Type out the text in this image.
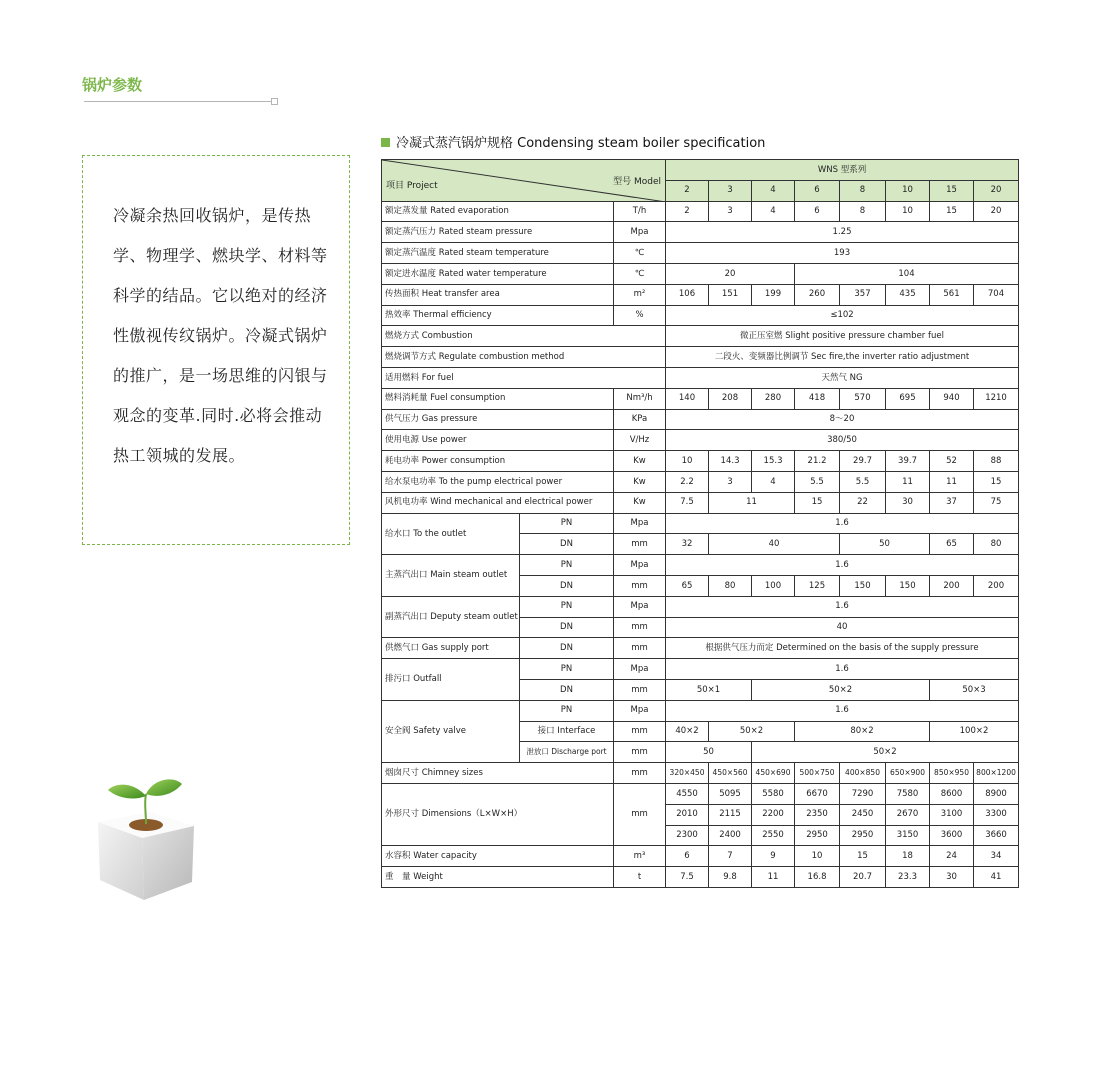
锅炉参数
冷凝余热回收锅炉，是传热学、物理学、燃块学、材料等科学的结品。它以绝对的经济性傲视传纹锅炉。冷凝式锅炉的推广，是一场思维的闪银与观念的变革.同时.必将会推动热工领城的发展。
冷凝式蒸汽锅炉规格 Condensing steam boiler specification
型号 Model
项目 Project			WNS 型系列							
			2	3	4	6	8	10	15	20
额定蒸发量 Rated evaporation		T/h	2	3	4	6	8	10	15	20
额定蒸汽压力 Rated steam pressure		Mpa	1.25							
额定蒸汽温度 Rated steam temperature		℃	193							
额定进水温度 Rated water temperature		℃	20			104				
传热面积 Heat transfer area		m²	106	151	199	260	357	435	561	704
热效率 Thermal efficiency		%	≤102							
燃烧方式 Combustion			微正压室燃 Slight positive pressure chamber fuel							
燃烧调节方式 Regulate combustion method			二段火、变频器比例调节 Sec fire,the inverter ratio adjustment							
适用燃料 For fuel			天然气 NG							
燃料消耗量 Fuel consumption		Nm³/h	140	208	280	418	570	695	940	1210
供气压力 Gas pressure		KPa	8～20							
使用电源 Use power		V/Hz	380/50							
耗电功率 Power consumption		Kw	10	14.3	15.3	21.2	29.7	39.7	52	88
给水泵电功率 To the pump electrical power		Kw	2.2	3	4	5.5	5.5	11	11	15
风机电功率 Wind mechanical and electrical power		Kw	7.5	11		15	22	30	37	75
给水口 To the outlet	PN	Mpa	1.6							
	DN	mm	32	40			50		65	80
主蒸汽出口 Main steam outlet	PN	Mpa	1.6							
	DN	mm	65	80	100	125	150	150	200	200
副蒸汽出口 Deputy steam outlet	PN	Mpa	1.6							
	DN	mm	40							
供燃气口 Gas supply port	DN	mm	根据供气压力而定 Determined on the basis of the supply pressure							
排污口 Outfall	PN	Mpa	1.6							
	DN	mm	50×1		50×2				50×3	
安全阀 Safety valve	PN	Mpa	1.6							
	接口 Interface	mm	40×2	50×2		80×2			100×2	
	泄放口 Discharge port	mm	50		50×2					
烟囱尺寸 Chimney sizes		mm	320×450	450×560	450×690	500×750	400×850	650×900	850×950	800×1200
外形尺寸 Dimensions（L×W×H）		mm	4550	5095	5580	6670	7290	7580	8600	8900
			2010	2115	2200	2350	2450	2670	3100	3300
			2300	2400	2550	2950	2950	3150	3600	3660
水容积 Water capacity		m³	6	7	9	10	15	18	24	34
重　量 Weight		t	7.5	9.8	11	16.8	20.7	23.3	30	41
